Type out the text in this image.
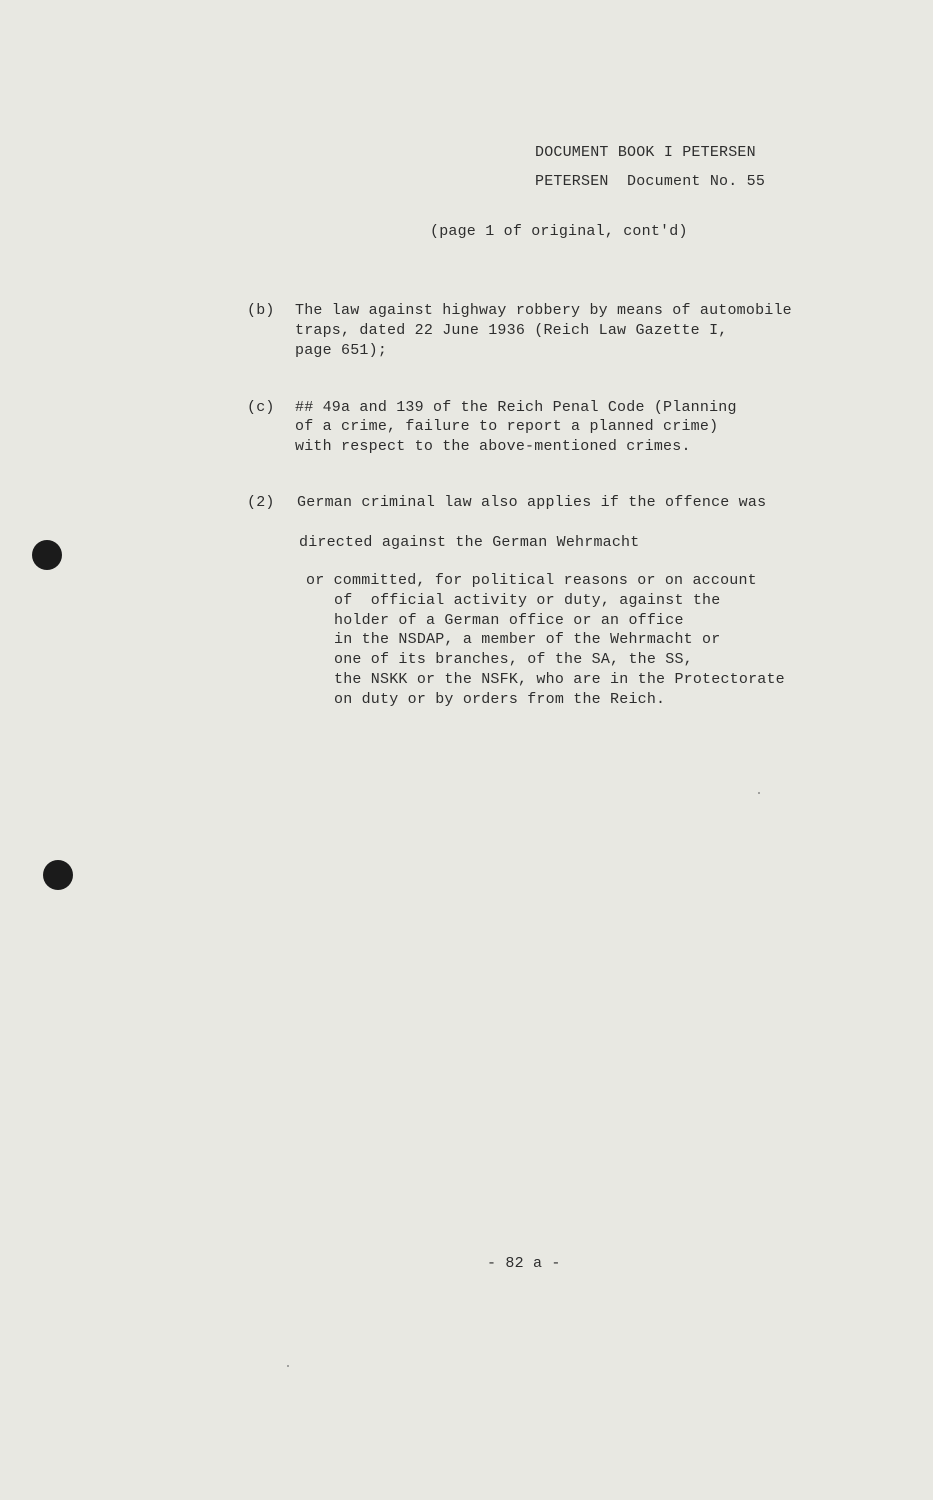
DOCUMENT BOOK I PETERSEN
PETERSEN  Document No. 55
(page 1 of original, cont'd)
(b) The law against highway robbery by means of automobile
traps, dated 22 June 1936 (Reich Law Gazette I,
page 651);
(c) ## 49a and 139 of the Reich Penal Code (Planning
of a crime, failure to report a planned crime)
with respect to the above-mentioned crimes.
(2) German criminal law also applies if the offence was
directed against the German Wehrmacht
or committed, for political reasons or on account
of  official activity or duty, against the
holder of a German office or an office
in the NSDAP, a member of the Wehrmacht or
one of its branches, of the SA, the SS,
the NSKK or the NSFK, who are in the Protectorate
on duty or by orders from the Reich.
- 82 a -
